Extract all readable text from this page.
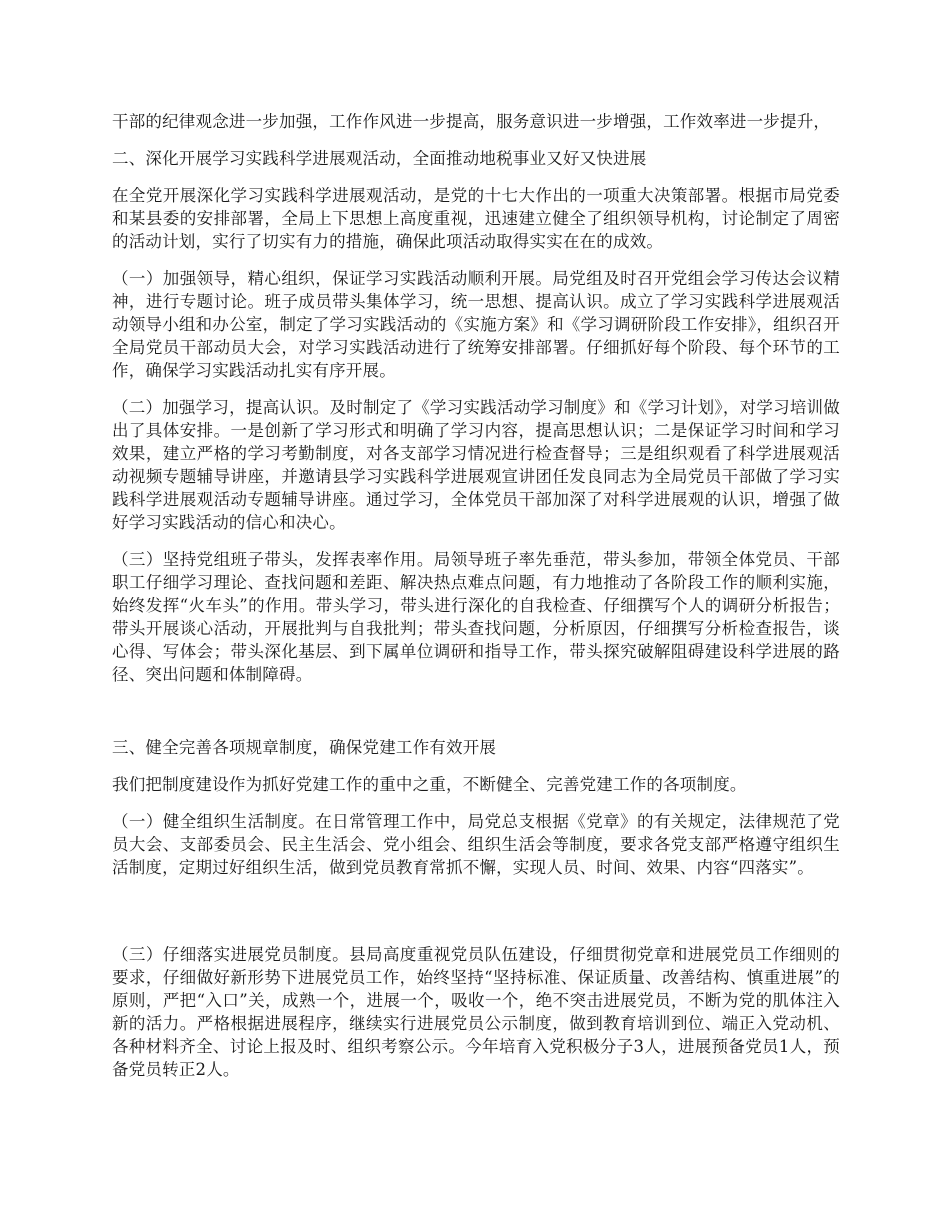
干部的纪律观念进一步加强，工作作风进一步提高，服务意识进一步增强，工作效率进一步提升，

二、深化开展学习实践科学进展观活动，全面推动地税事业又好又快进展

在全党开展深化学习实践科学进展观活动，是党的十七大作出的一项重大决策部署。根据市局党委和某县委的安排部署，全局上下思想上高度重视，迅速建立健全了组织领导机构，讨论制定了周密的活动计划，实行了切实有力的措施，确保此项活动取得实实在在的成效。

（一）加强领导，精心组织，保证学习实践活动顺利开展。局党组及时召开党组会学习传达会议精神，进行专题讨论。班子成员带头集体学习，统一思想、提高认识。成立了学习实践科学进展观活动领导小组和办公室，制定了学习实践活动的《实施方案》和《学习调研阶段工作安排》，组织召开全局党员干部动员大会，对学习实践活动进行了统筹安排部署。仔细抓好每个阶段、每个环节的工作，确保学习实践活动扎实有序开展。

（二）加强学习，提高认识。及时制定了《学习实践活动学习制度》和《学习计划》，对学习培训做出了具体安排。一是创新了学习形式和明确了学习内容，提高思想认识；二是保证学习时间和学习效果，建立严格的学习考勤制度，对各支部学习情况进行检查督导；三是组织观看了科学进展观活动视频专题辅导讲座，并邀请县学习实践科学进展观宣讲团任发良同志为全局党员干部做了学习实践科学进展观活动专题辅导讲座。通过学习，全体党员干部加深了对科学进展观的认识，增强了做好学习实践活动的信心和决心。

（三）坚持党组班子带头，发挥表率作用。局领导班子率先垂范，带头参加，带领全体党员、干部职工仔细学习理论、查找问题和差距、解决热点难点问题，有力地推动了各阶段工作的顺利实施，始终发挥“火车头”的作用。带头学习，带头进行深化的自我检查、仔细撰写个人的调研分析报告；带头开展谈心活动，开展批判与自我批判；带头查找问题，分析原因，仔细撰写分析检查报告，谈心得、写体会；带头深化基层、到下属单位调研和指导工作，带头探究破解阻碍建设科学进展的路径、突出问题和体制障碍。

三、健全完善各项规章制度，确保党建工作有效开展

我们把制度建设作为抓好党建工作的重中之重，不断健全、完善党建工作的各项制度。

（一）健全组织生活制度。在日常管理工作中，局党总支根据《党章》的有关规定，法律规范了党员大会、支部委员会、民主生活会、党小组会、组织生活会等制度，要求各党支部严格遵守组织生活制度，定期过好组织生活，做到党员教育常抓不懈，实现人员、时间、效果、内容“四落实”。

（三）仔细落实进展党员制度。县局高度重视党员队伍建设，仔细贯彻党章和进展党员工作细则的要求，仔细做好新形势下进展党员工作，始终坚持“坚持标准、保证质量、改善结构、慎重进展”的原则，严把“入口”关，成熟一个，进展一个，吸收一个，绝不突击进展党员，不断为党的肌体注入新的活力。严格根据进展程序，继续实行进展党员公示制度，做到教育培训到位、端正入党动机、各种材料齐全、讨论上报及时、组织考察公示。今年培育入党积极分子3人，进展预备党员1人，预备党员转正2人。
